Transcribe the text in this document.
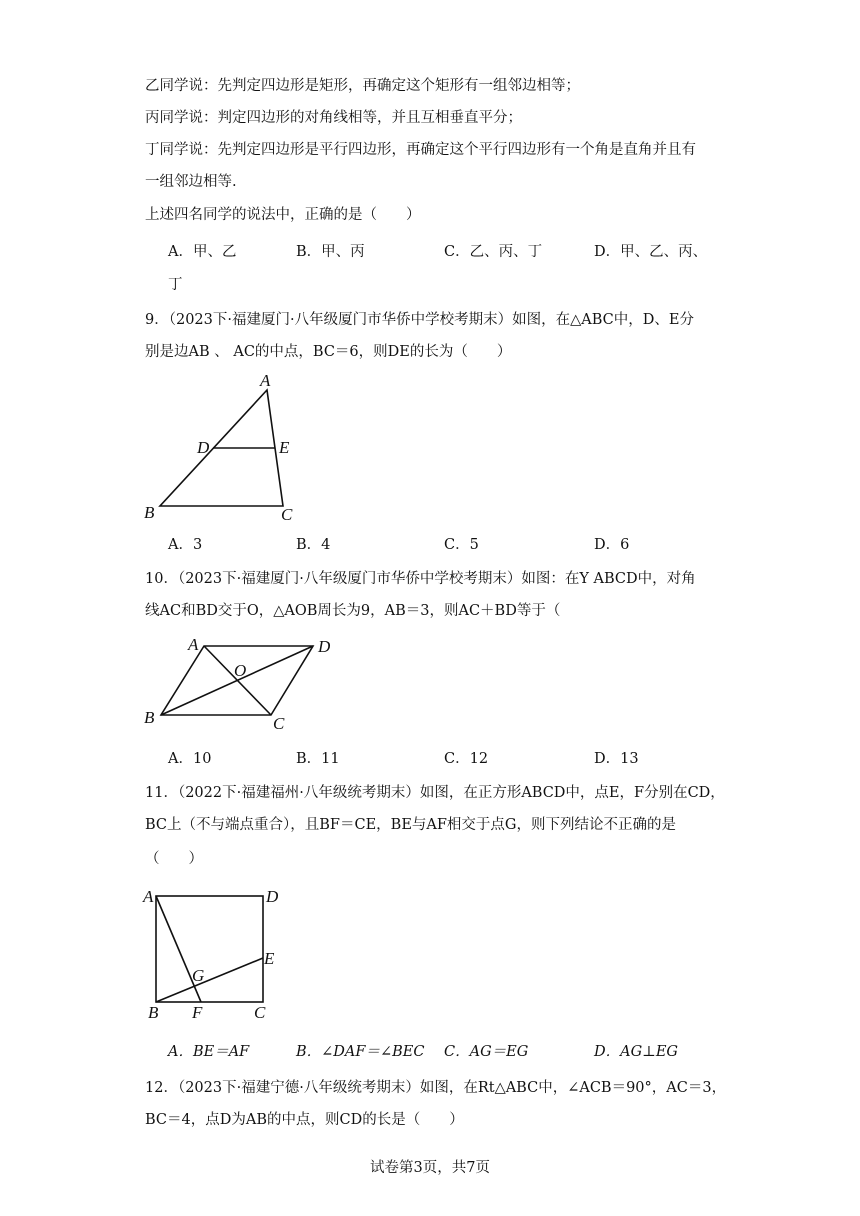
乙同学说：先判定四边形是矩形，再确定这个矩形有一组邻边相等；
丙同学说：判定四边形的对角线相等，并且互相垂直平分；
丁同学说：先判定四边形是平行四边形，再确定这个平行四边形有一个角是直角并且有
一组邻边相等.
上述四名同学的说法中，正确的是（　　）
A．甲、乙	B．甲、丙	C．乙、丙、丁	D．甲、乙、丙、
丁
9．（2023下·福建厦门·八年级厦门市华侨中学校考期末）如图，在△ABC中，D、E分
别是边AB 、 AC的中点，BC＝6，则DE的长为（　　）
A
D	E
B	C
A．3	B．4	C．5	D．6
10．（2023下·福建厦门·八年级厦门市华侨中学校考期末）如图：在Y ABCD中，对角
线AC和BD交于O，△AOB周长为9，AB＝3，则AC＋BD等于（
A
O
D
B	C
A．10	B．11	C．12	D．13
11．（2022下·福建福州·八年级统考期末）如图，在正方形ABCD中，点E，F分别在CD，
BC上（不与端点重合），且BF＝CE，BE与AF相交于点G，则下列结论不正确的是
（　　）
A	D
E
G
B F	C
A．BE＝AF	B．∠DAF＝∠BEC C．AG＝EG	D．AG⊥EG
12．（2023下·福建宁德·八年级统考期末）如图，在Rt△ABC中，∠ACB＝90°，AC＝3，
BC＝4，点D为AB的中点，则CD的长是（　　）
试卷第3页，共7页
